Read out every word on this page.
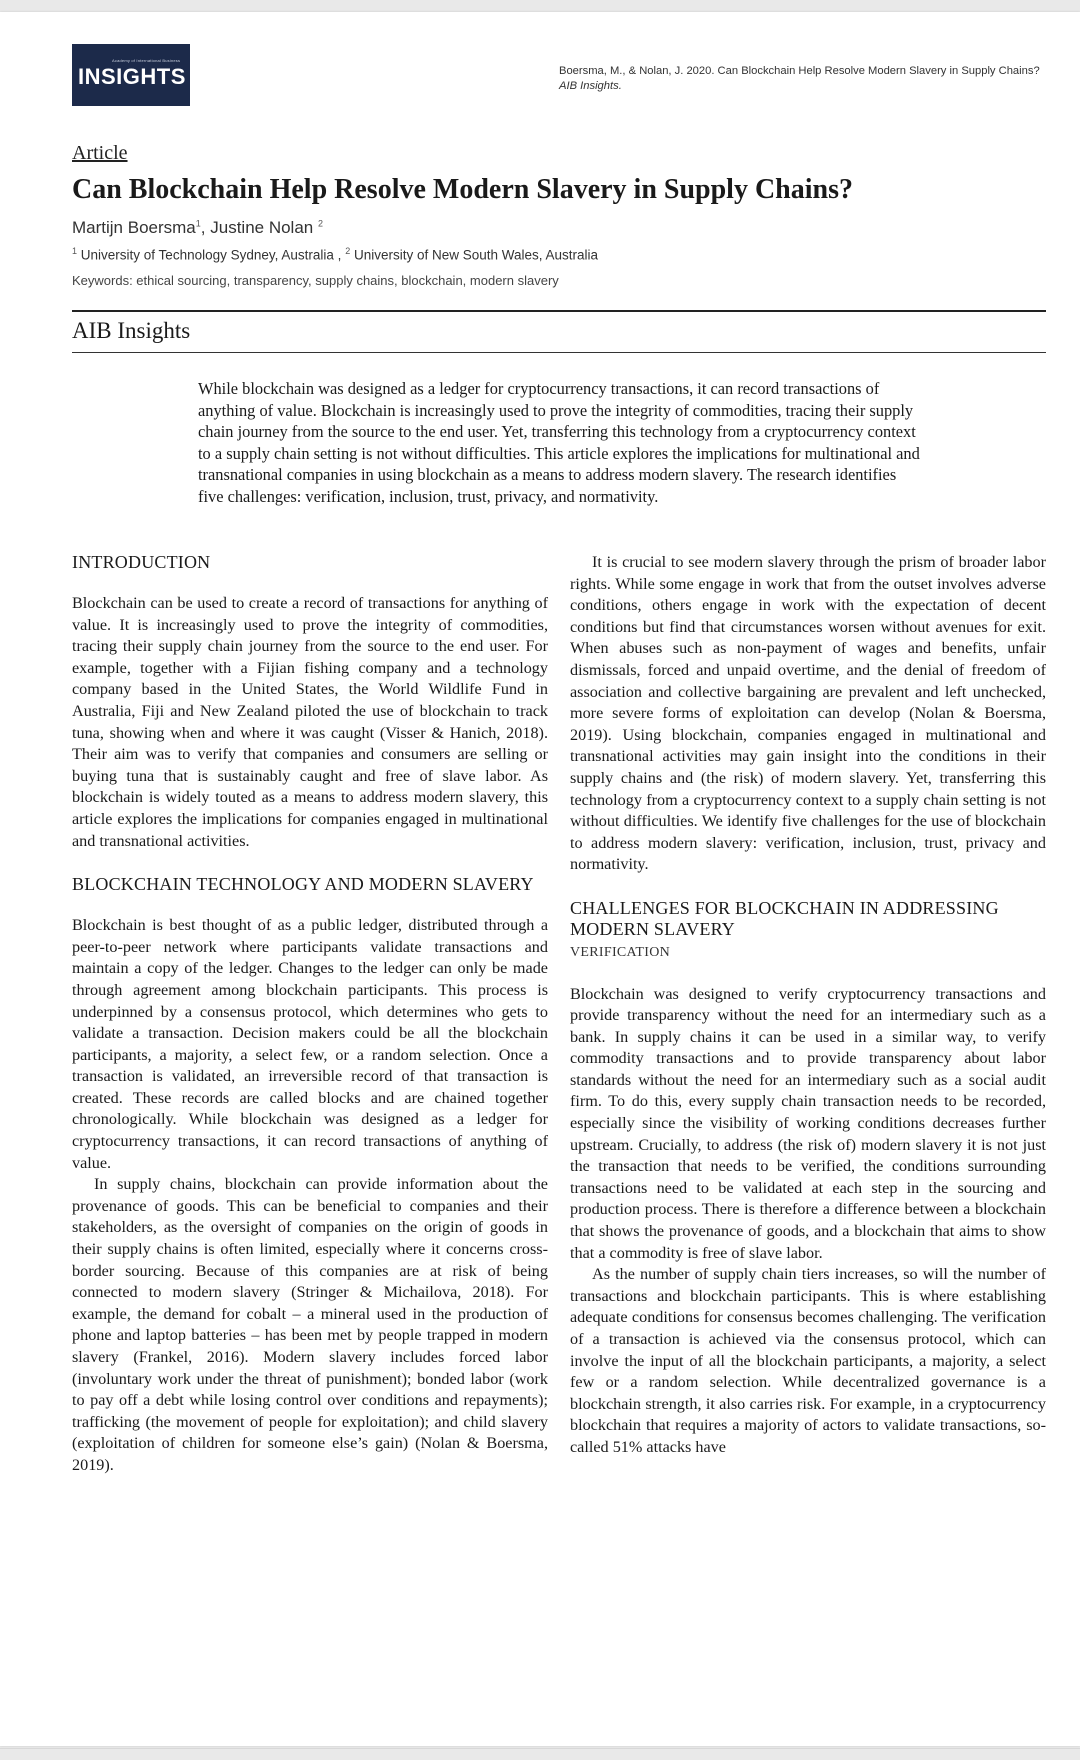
Academy of International Business
INSIGHTS	Boersma, M., & Nolan, J. 2020. Can Blockchain Help Resolve Modern Slavery in Supply Chains? AIB Insights.
Article
Can Blockchain Help Resolve Modern Slavery in Supply Chains?
Martijn Boersma$^1$, Justine Nolan $^2$
$^1$ University of Technology Sydney, Australia , $^2$ University of New South Wales, Australia
Keywords: ethical sourcing, transparency, supply chains, blockchain, modern slavery
AIB Insights

While blockchain was designed as a ledger for cryptocurrency transactions, it can record transactions of anything of value. Blockchain is increasingly used to prove the integrity of commodities, tracing their supply chain journey from the source to the end user. Yet, transferring this technology from a cryptocurrency context to a supply chain setting is not without difficulties. This article explores the implications for multinational and transnational companies in using blockchain as a means to address modern slavery. The research identifies five challenges: verification, inclusion, trust, privacy, and normativity.

INTRODUCTION

Blockchain can be used to create a record of transactions for anything of value. It is increasingly used to prove the integrity of commodities, tracing their supply chain journey from the source to the end user. For example, together with a Fijian fishing company and a technology company based in the United States, the World Wildlife Fund in Australia, Fiji and New Zealand piloted the use of blockchain to track tuna, showing when and where it was caught (Visser & Hanich, 2018). Their aim was to verify that companies and consumers are selling or buying tuna that is sustainably caught and free of slave labor. As blockchain is widely touted as a means to address modern slavery, this article explores the implications for companies engaged in multinational and transnational activities.

BLOCKCHAIN TECHNOLOGY AND MODERN SLAVERY

Blockchain is best thought of as a public ledger, distributed through a peer-to-peer network where participants validate transactions and maintain a copy of the ledger. Changes to the ledger can only be made through agreement among blockchain participants. This process is underpinned by a consensus protocol, which determines who gets to validate a transaction. Decision makers could be all the blockchain participants, a majority, a select few, or a random selection. Once a transaction is validated, an irreversible record of that transaction is created. These records are called blocks and are chained together chronologically. While blockchain was designed as a ledger for cryptocurrency transactions, it can record transactions of anything of value.

In supply chains, blockchain can provide information about the provenance of goods. This can be beneficial to companies and their stakeholders, as the oversight of companies on the origin of goods in their supply chains is often limited, especially where it concerns cross-border sourcing. Because of this companies are at risk of being connected to modern slavery (Stringer & Michailova, 2018). For example, the demand for cobalt – a mineral used in the production of phone and laptop batteries – has been met by people trapped in modern slavery (Frankel, 2016). Modern slavery includes forced labor (involuntary work under the threat of punishment); bonded labor (work to pay off a debt while losing control over conditions and repayments); trafficking (the movement of people for exploitation); and child slavery (exploitation of children for someone else’s gain) (Nolan & Boersma, 2019).

It is crucial to see modern slavery through the prism of broader labor rights. While some engage in work that from the outset involves adverse conditions, others engage in work with the expectation of decent conditions but find that circumstances worsen without avenues for exit. When abuses such as non-payment of wages and benefits, unfair dismissals, forced and unpaid overtime, and the denial of freedom of association and collective bargaining are prevalent and left unchecked, more severe forms of exploitation can develop (Nolan & Boersma, 2019). Using blockchain, companies engaged in multinational and transnational activities may gain insight into the conditions in their supply chains and (the risk) of modern slavery. Yet, transferring this technology from a cryptocurrency context to a supply chain setting is not without difficulties. We identify five challenges for the use of blockchain to address modern slavery: verification, inclusion, trust, privacy and normativity.

CHALLENGES FOR BLOCKCHAIN IN ADDRESSING MODERN SLAVERY
VERIFICATION

Blockchain was designed to verify cryptocurrency transactions and provide transparency without the need for an intermediary such as a bank. In supply chains it can be used in a similar way, to verify commodity transactions and to provide transparency about labor standards without the need for an intermediary such as a social audit firm. To do this, every supply chain transaction needs to be recorded, especially since the visibility of working conditions decreases further upstream. Crucially, to address (the risk of) modern slavery it is not just the transaction that needs to be verified, the conditions surrounding transactions need to be validated at each step in the sourcing and production process. There is therefore a difference between a blockchain that shows the provenance of goods, and a blockchain that aims to show that a commodity is free of slave labor.

As the number of supply chain tiers increases, so will the number of transactions and blockchain participants. This is where establishing adequate conditions for consensus becomes challenging. The verification of a transaction is achieved via the consensus protocol, which can involve the input of all the blockchain participants, a majority, a select few or a random selection. While decentralized governance is a blockchain strength, it also carries risk. For example, in a cryptocurrency blockchain that requires a majority of actors to validate transactions, so-called 51% attacks have
